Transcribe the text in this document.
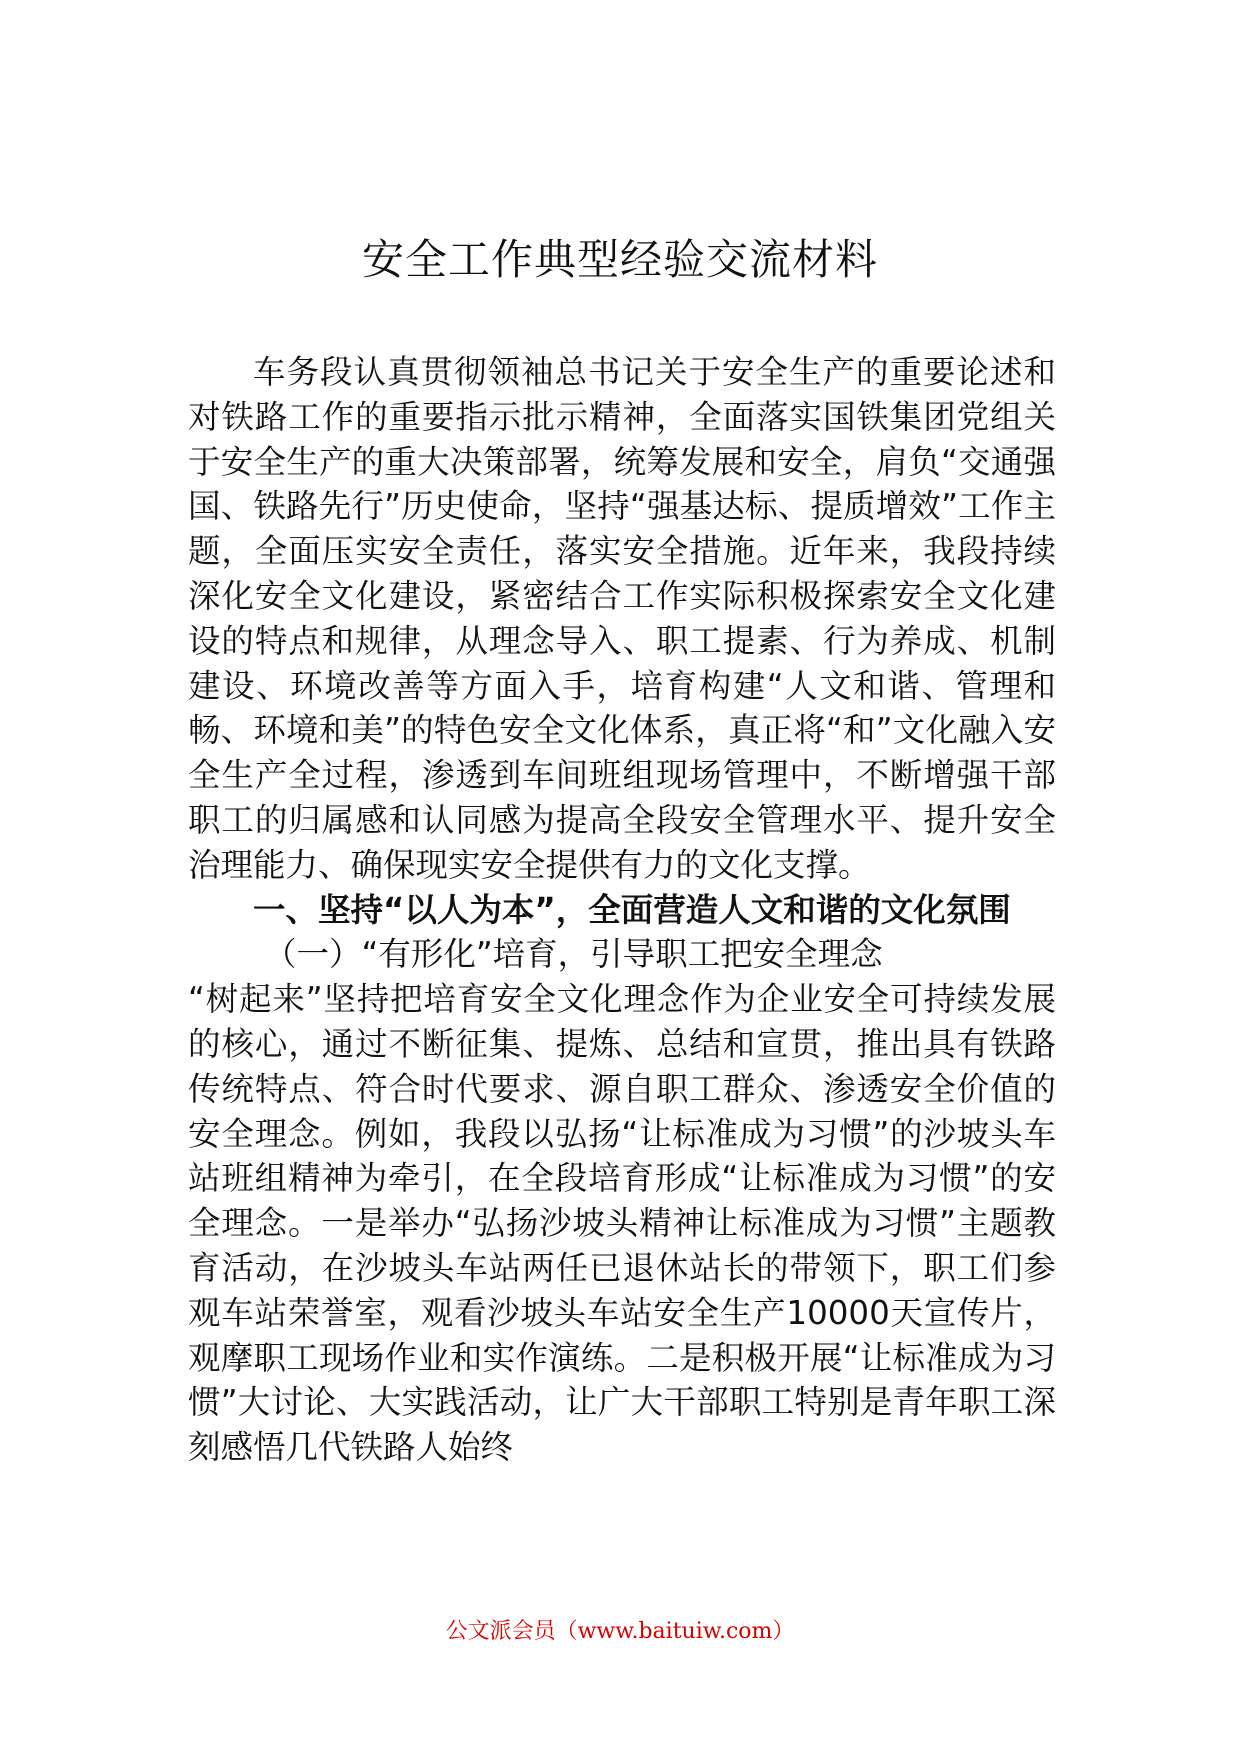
安全工作典型经验交流材料

车务段认真贯彻领袖总书记关于安全生产的重要论述和对铁路工作的重要指示批示精神，全面落实国铁集团党组关于安全生产的重大决策部署，统筹发展和安全，肩负“交通强国、铁路先行”历史使命，坚持“强基达标、提质增效”工作主题，全面压实安全责任，落实安全措施。近年来，我段持续深化安全文化建设，紧密结合工作实际积极探索安全文化建设的特点和规律，从理念导入、职工提素、行为养成、机制建设、环境改善等方面入手，培育构建“人文和谐、管理和畅、环境和美”的特色安全文化体系，真正将“和”文化融入安全生产全过程，渗透到车间班组现场管理中，不断增强干部职工的归属感和认同感为提高全段安全管理水平、提升安全治理能力、确保现实安全提供有力的文化支撑。

一、坚持“以人为本”，全面营造人文和谐的文化氛围

（一）“有形化”培育，引导职工把安全理念

“树起来”坚持把培育安全文化理念作为企业安全可持续发展的核心，通过不断征集、提炼、总结和宣贯，推出具有铁路传统特点、符合时代要求、源自职工群众、渗透安全价值的安全理念。例如，我段以弘扬“让标准成为习惯”的沙坡头车站班组精神为牵引，在全段培育形成“让标准成为习惯”的安全理念。一是举办“弘扬沙坡头精神让标准成为习惯”主题教育活动，在沙坡头车站两任已退休站长的带领下，职工们参观车站荣誉室，观看沙坡头车站安全生产10000天宣传片，观摩职工现场作业和实作演练。二是积极开展“让标准成为习惯”大讨论、大实践活动，让广大干部职工特别是青年职工深刻感悟几代铁路人始终

公文派会员（www.baituiw.com）
